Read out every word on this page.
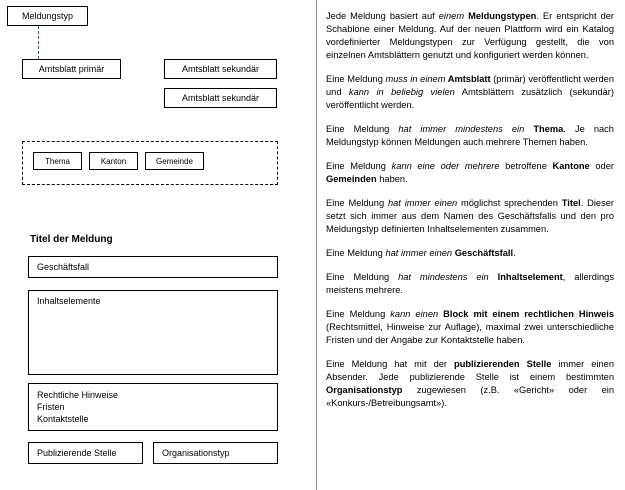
Meldungstyp
Amtsblatt primär	Amtsblatt sekundär
Amtsblatt sekundär
Thema	Kanton	Gemeinde
Titel der Meldung
Geschäftsfall
Inhaltselemente
Rechtliche Hinweise
Fristen
Kontaktstelle
Publizierende Stelle	Organisationstyp

Jede Meldung basiert auf einem Meldungstypen. Er entspricht der Schablone einer Meldung. Auf der neuen Plattform wird ein Katalog vordefinierter Meldungstypen zur Verfügung gestellt, die von einzelnen Amtsblättern genutzt und konfiguriert werden können.

Eine Meldung muss in einem Amtsblatt (primär) veröffentlicht werden und kann in beliebig vielen Amtsblättern zusätzlich (sekundär) veröffentlicht werden.

Eine Meldung hat immer mindestens ein Thema. Je nach Meldungstyp können Meldungen auch mehrere Themen haben.

Eine Meldung kann eine oder mehrere betroffene Kantone oder Gemeinden haben.

Eine Meldung hat immer einen möglichst sprechenden Titel. Dieser setzt sich immer aus dem Namen des Geschäftsfalls und den pro Meldungstyp definierten Inhaltselementen zusammen.

Eine Meldung hat immer einen Geschäftsfall.

Eine Meldung hat mindestens ein Inhaltselement, allerdings meistens mehrere.

Eine Meldung kann einen Block mit einem rechtlichen Hinweis (Rechtsmittel, Hinweise zur Auflage), maximal zwei unterschiedliche Fristen und der Angabe zur Kontaktstelle haben.

Eine Meldung hat mit der publizierenden Stelle immer einen Absender. Jede publizierende Stelle ist einem bestimmten Organisationstyp zugewiesen (z.B. «Gericht» oder ein «Konkurs-/Betreibungsamt»).
